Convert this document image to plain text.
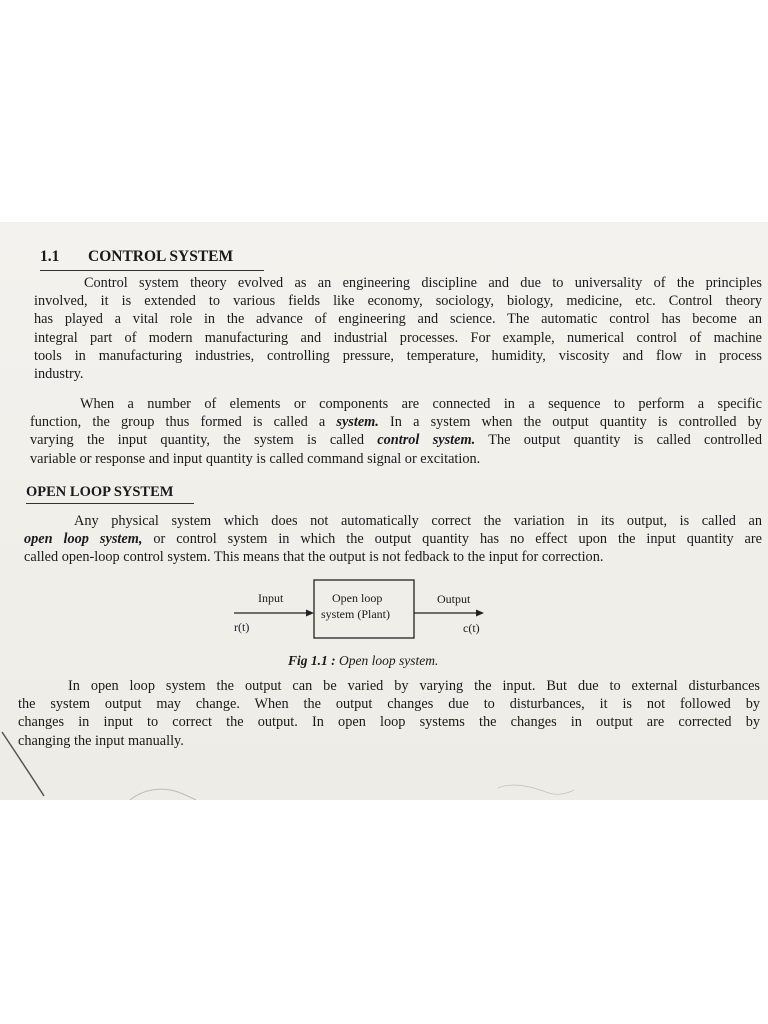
1.1 CONTROL SYSTEM
Control system theory evolved as an engineering discipline and due to universality of the principles
involved, it is extended to various fields like economy, sociology, biology, medicine, etc. Control theory
has played a vital role in the advance of engineering and science. The automatic control has become an
integral part of modern manufacturing and industrial processes. For example, numerical control of machine
tools in manufacturing industries, controlling pressure, temperature, humidity, viscosity and flow in process
industry.
When a number of elements or components are connected in a sequence to perform a specific
function, the group thus formed is called a system. In a system when the output quantity is controlled by
varying the input quantity, the system is called control system. The output quantity is called controlled
variable or response and input quantity is called command signal or excitation.
OPEN LOOP SYSTEM
Any physical system which does not automatically correct the variation in its output, is called an
open loop system, or control system in which the output quantity has no effect upon the input quantity are
called open-loop control system. This means that the output is not fedback to the input for correction.
Input
r(t)
Open loop
system (Plant)
Output
c(t)
Fig 1.1 : Open loop system.
In open loop system the output can be varied by varying the input. But due to external disturbances
the system output may change. When the output changes due to disturbances, it is not followed by
changes in input to correct the output. In open loop systems the changes in output are corrected by
changing the input manually.
